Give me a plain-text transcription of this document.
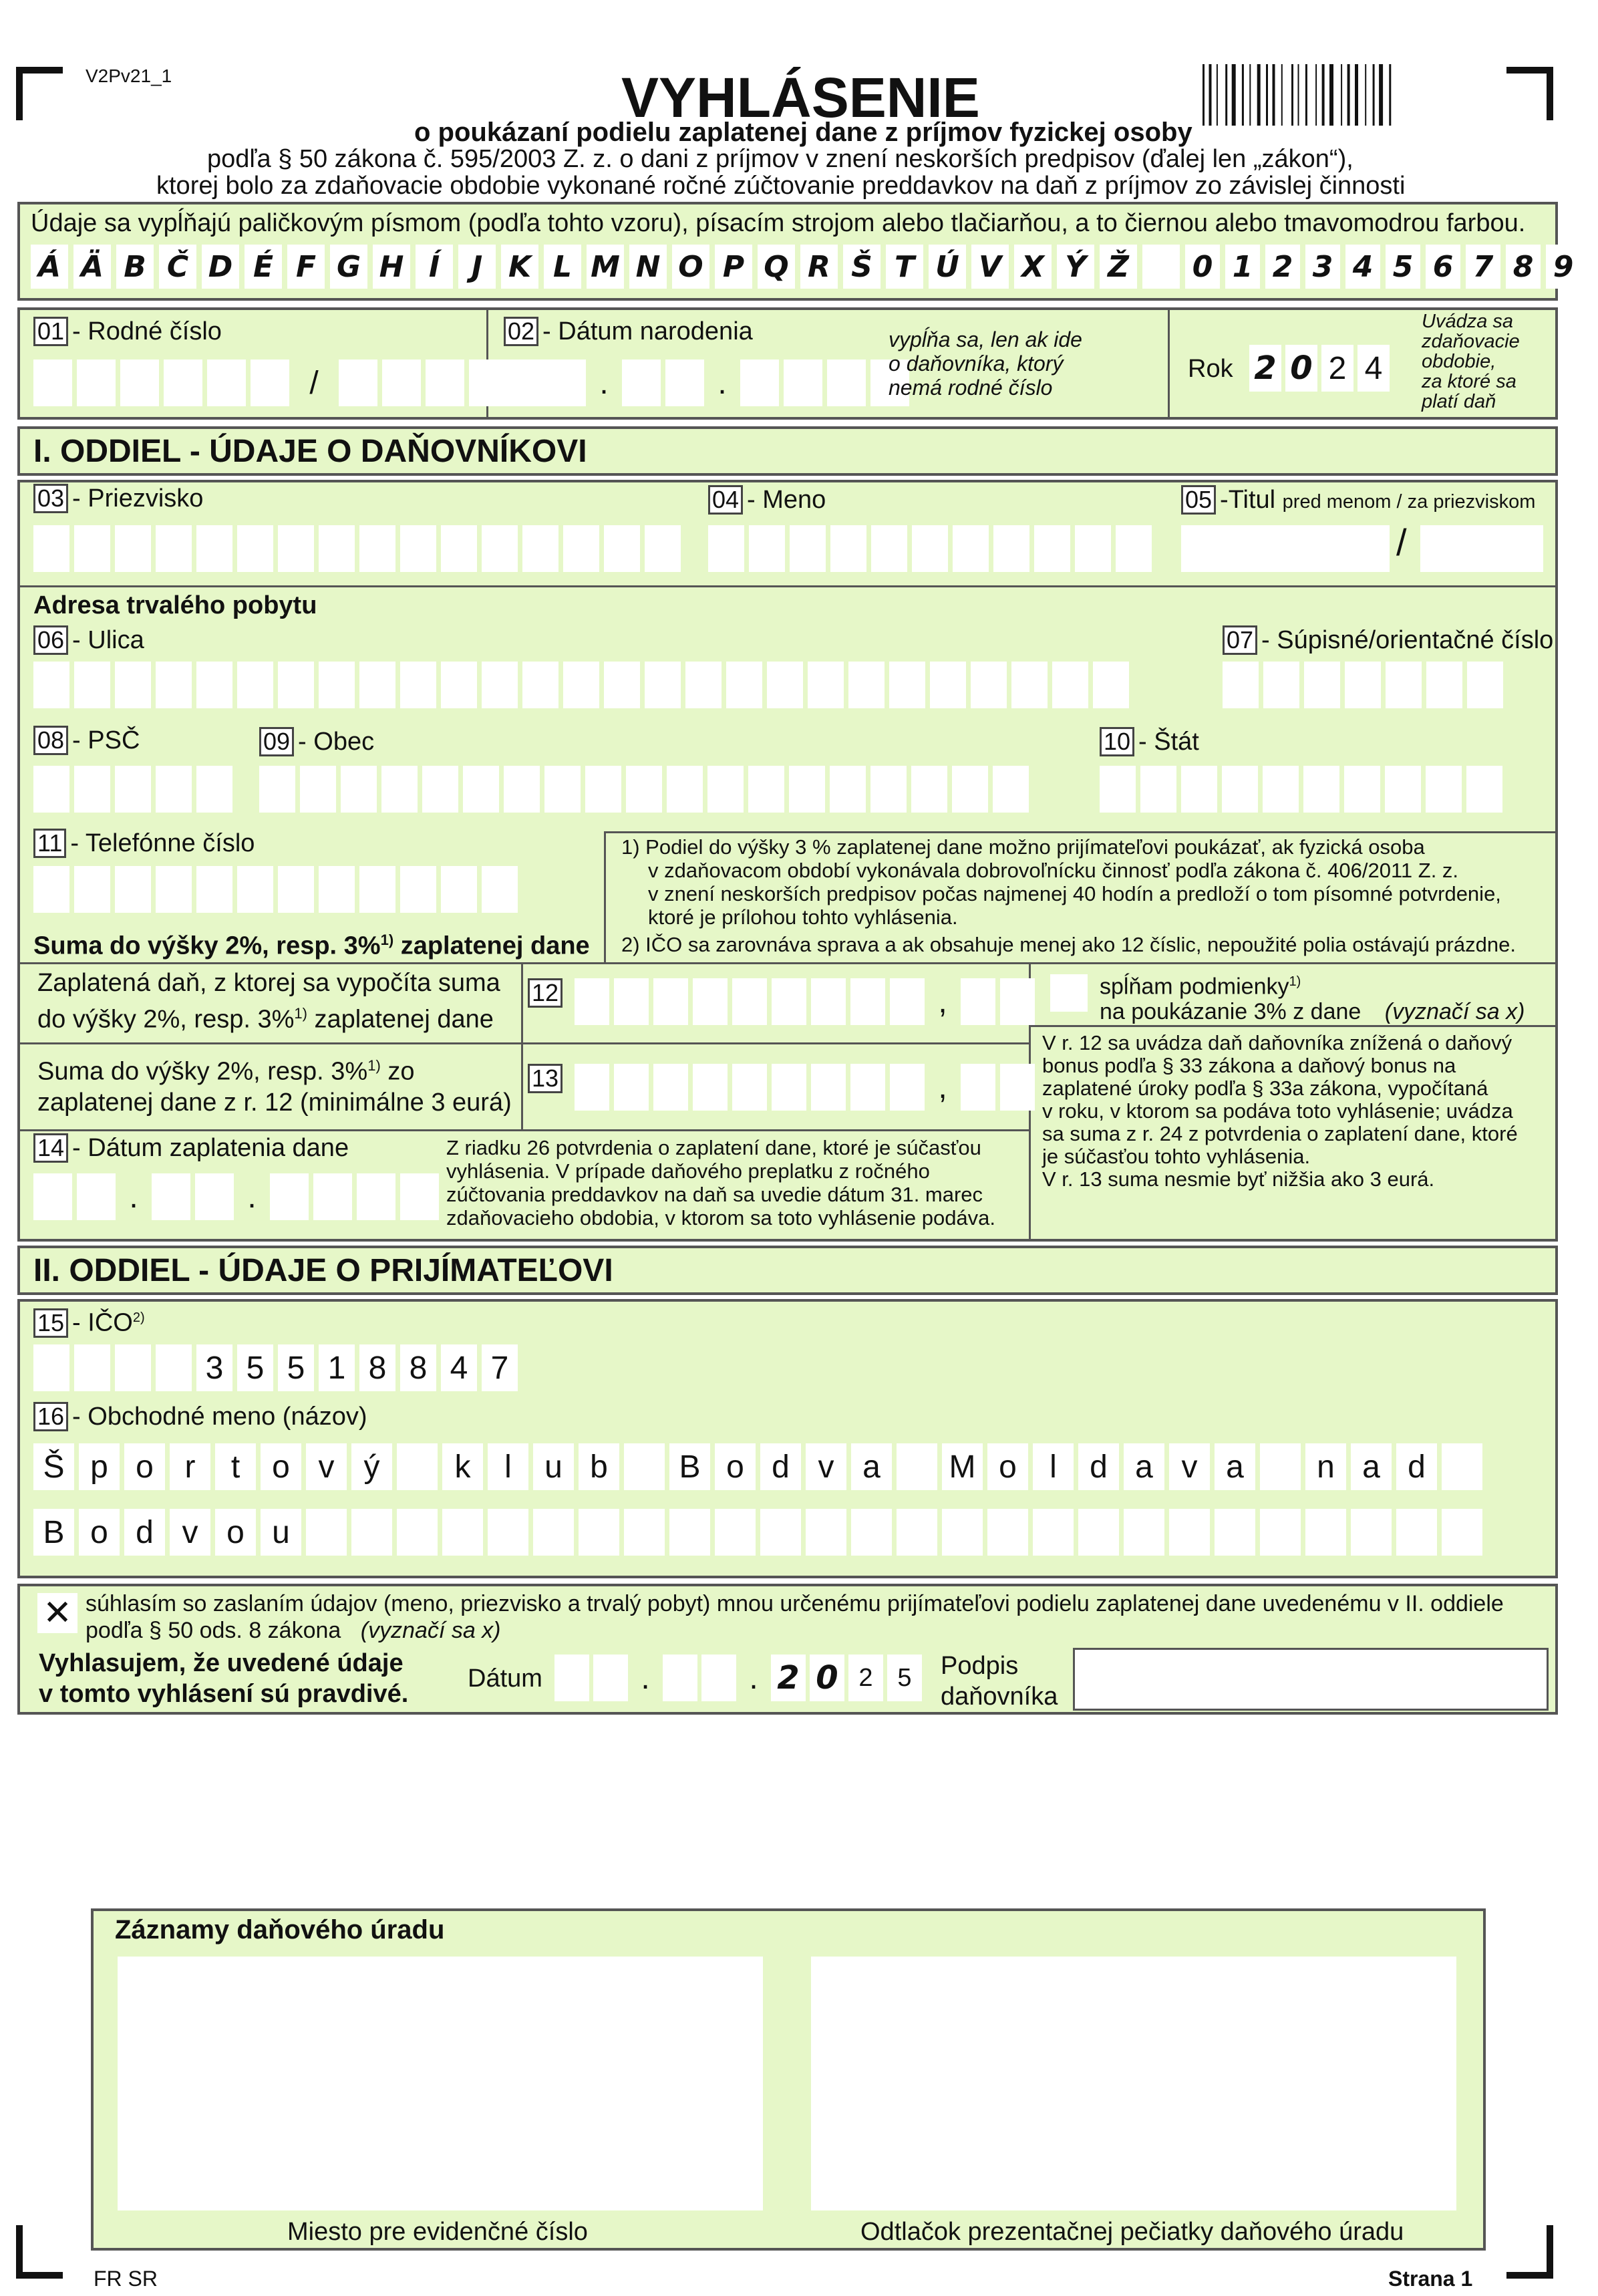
V2Pv21_1	VYHLÁSENIE
o poukázaní podielu zaplatenej dane z príjmov fyzickej osoby
podľa § 50 zákona č. 595/2003 Z. z. o dani z príjmov v znení neskorších predpisov (ďalej len „zákon“),
ktorej bolo za zdaňovacie obdobie vykonané ročné zúčtovanie preddavkov na daň z príjmov zo závislej činnosti
Údaje sa vypĺňajú paličkovým písmom (podľa tohto vzoru), písacím strojom alebo tlačiarňou, a to čiernou alebo tmavomodrou farbou.
Á Ä B Č D É F G H Í	J K L M N O P Q R Š T Ú V X Ý Ž 0 1 2 3 4 5 6 7 8 9
01 - Rodné číslo
/
02 - Dátum narodenia
.	.
vypĺňa sa, len ak ide
o daňovníka, ktorý
nemá rodné číslo
Rok 2 0 2 4
Uvádza sa
zdaňovacie
obdobie,
za ktoré sa
platí daň
I. ODDIEL - ÚDAJE O DAŇOVNÍKOVI
03 - Priezvisko	04 - Meno	05 -Titul pred menom / za priezviskom
/
Adresa trvalého pobytu
06 - Ulica	07 - Súpisné/orientačné číslo
08 - PSČ	09 - Obec	10 - Štát
11 - Telefónne číslo	1) Podiel do výšky 3 % zaplatenej dane možno prijímateľovi poukázať, ak fyzická osoba
v zdaňovacom období vykonávala dobrovoľnícku činnosť podľa zákona č. 406/2011 Z. z.
v znení neskorších predpisov počas najmenej 40 hodín a predloží o tom písomné potvrdenie,
ktoré je prílohou tohto vyhlásenia.
2) IČO sa zarovnáva sprava a ak obsahuje menej ako 12 číslic, nepoužité polia ostávajú prázdne.
Suma do výšky 2%, resp. 3%$^{1)}$ zaplatenej dane
Zaplatená daň, z ktorej sa vypočíta suma
do výšky 2%, resp. 3%$^{1)}$ zaplatenej dane
12	,
Suma do výšky 2%, resp. 3%$^{1)}$ zo
zaplatenej dane z r. 12 (minimálne 3 eurá)
13	,
spĺňam podmienky$^{1)}$
na poukázanie 3% z dane (vyznačí sa x)
V r. 12 sa uvádza daň daňovníka znížená o daňový
bonus podľa § 33 zákona a daňový bonus na
zaplatené úroky podľa § 33a zákona, vypočítaná
v roku, v ktorom sa podáva toto vyhlásenie; uvádza
sa suma z r. 24 z potvrdenia o zaplatení dane, ktoré
je súčasťou tohto vyhlásenia.
V r. 13 suma nesmie byť nižšia ako 3 eurá.
14 - Dátum zaplatenia dane
.	.
Z riadku 26 potvrdenia o zaplatení dane, ktoré je súčasťou
vyhlásenia. V prípade daňového preplatku z ročného
zúčtovania preddavkov na daň sa uvedie dátum 31. marec
zdaňovacieho obdobia, v ktorom sa toto vyhlásenie podáva.
II. ODDIEL - ÚDAJE O PRIJÍMATEĽOVI
15 - IČO$^{2)}$
3 5 5 1 8 8 4 7
16 - Obchodné meno (názov)
Š p o r	t o v ý	k	l	u b	B o d v a	M o	l	d a v a	n a d
B o d v o u
✕ súhlasím so zaslaním údajov (meno, priezvisko a trvalý pobyt) mnou určenému prijímateľovi podielu zaplatenej dane uvedenému v II. oddiele
podľa § 50 ods. 8 zákona (vyznačí sa x)
Vyhlasujem, že uvedené údaje
v tomto vyhlásení sú pravdivé.
Dátum	.	. 2 0 2 5	Podpis
daňovníka
Záznamy daňového úradu
Miesto pre evidenčné číslo	Odtlačok prezentačnej pečiatky daňového úradu
FR SR	Strana 1
